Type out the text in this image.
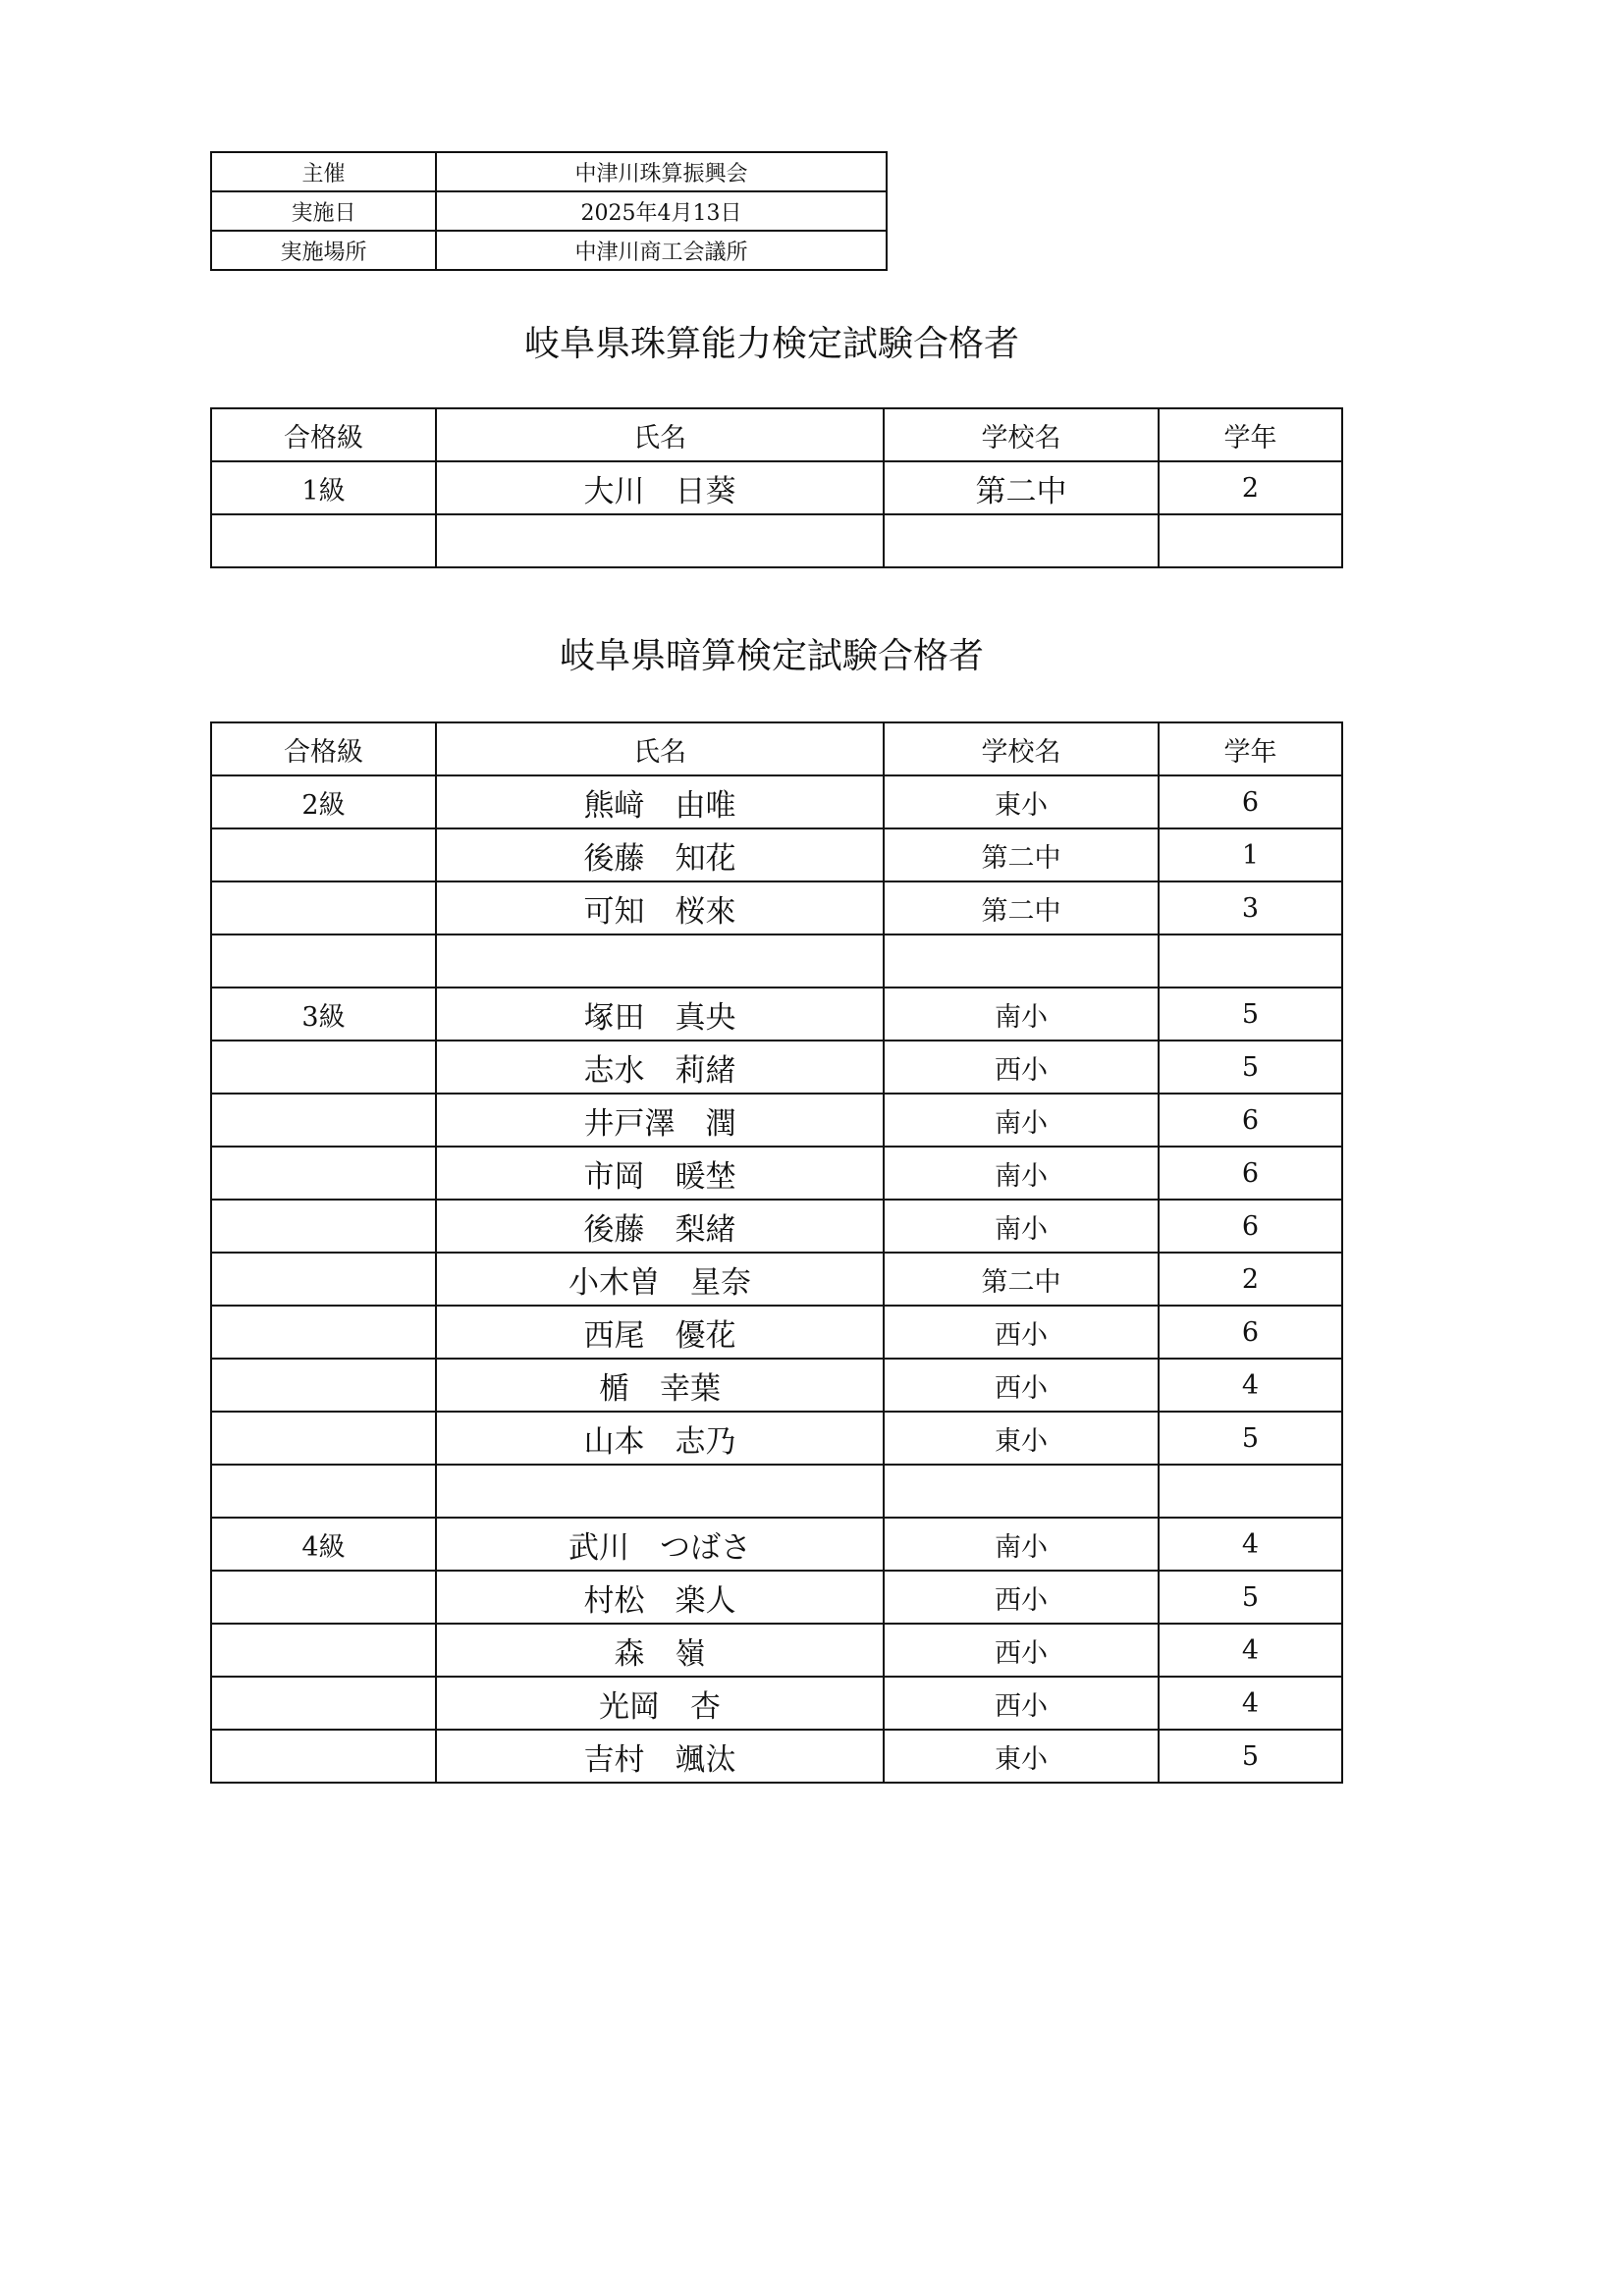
主催	中津川珠算振興会
実施日	2025年4月13日
実施場所	中津川商工会議所
岐阜県珠算能力検定試験合格者
合格級	氏名	学校名	学年
1級	大川　日葵	第二中	2

岐阜県暗算検定試験合格者
合格級	氏名	学校名	学年
2級	熊﨑　由唯	東小	6
	後藤　知花	第二中	1
	可知　桜來	第二中	3

3級	塚田　真央	南小	5
	志水　莉緒	西小	5
	井戸澤　潤	南小	6
	市岡　暖埜	南小	6
	後藤　梨緒	南小	6
	小木曽　星奈	第二中	2
	西尾　優花	西小	6
	楯　幸葉	西小	4
	山本　志乃	東小	5

4級	武川　つばさ	南小	4
	村松　楽人	西小	5
	森　嶺	西小	4
	光岡　杏	西小	4
	吉村　颯汰	東小	5
